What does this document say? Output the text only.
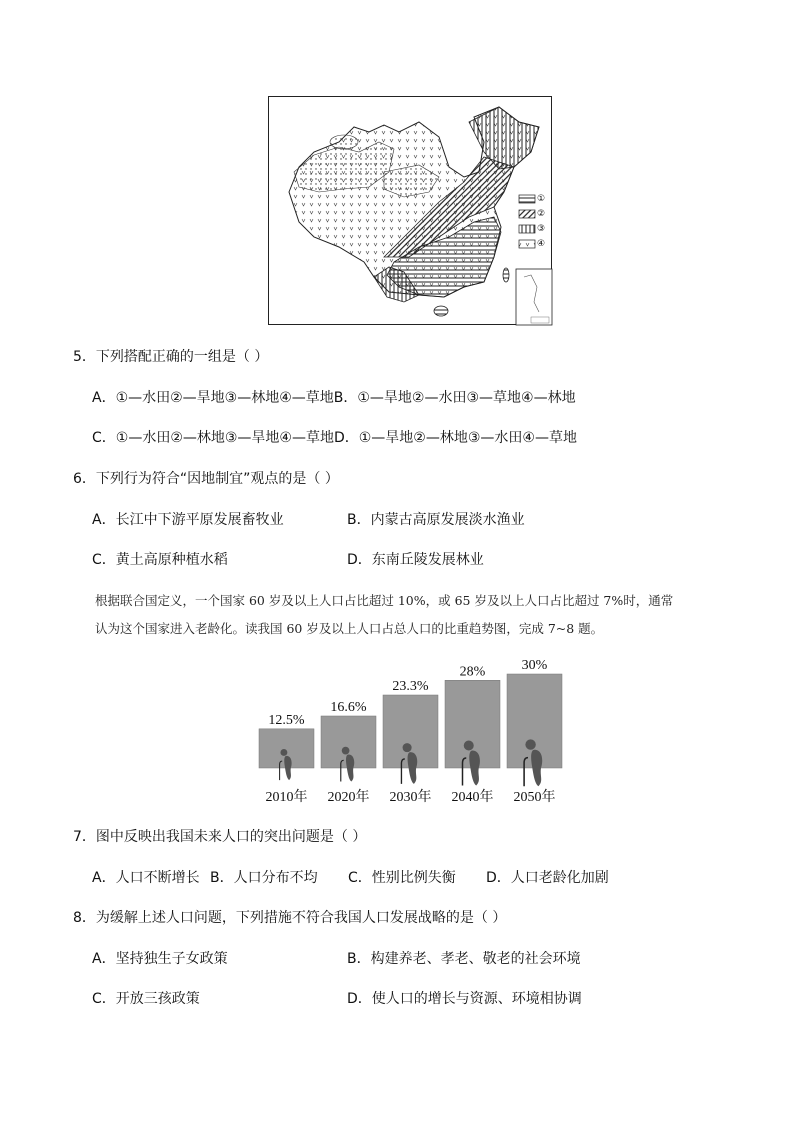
①
②
③
④
5．下列搭配正确的一组是（ ）
A．①—水田②—旱地③—林地④—草地B．①—旱地②—水田③—草地④—林地
C．①—水田②—林地③—旱地④—草地D．①—旱地②—林地③—水田④—草地
6．下列行为符合“因地制宜”观点的是（ ）
A．长江中下游平原发展畜牧业	B．内蒙古高原发展淡水渔业
C．黄土高原种植水稻	D．东南丘陵发展林业
根据联合国定义，一个国家 60 岁及以上人口占比超过 10%，或 65 岁及以上人口占比超过 7%时，通常
认为这个国家进入老龄化。读我国 60 岁及以上人口占总人口的比重趋势图，完成 7~8 题。
12.5%
2010年
16.6%
2020年
23.3%
2030年
28%
2040年
30%
2050年
7．图中反映出我国未来人口的突出问题是（ ）
A．人口不断增长 B．人口分布不均 C．性别比例失衡 D．人口老龄化加剧
8．为缓解上述人口问题，下列措施不符合我国人口发展战略的是（ ）
A．坚持独生子女政策	B．构建养老、孝老、敬老的社会环境
C．开放三孩政策	D．使人口的增长与资源、环境相协调
